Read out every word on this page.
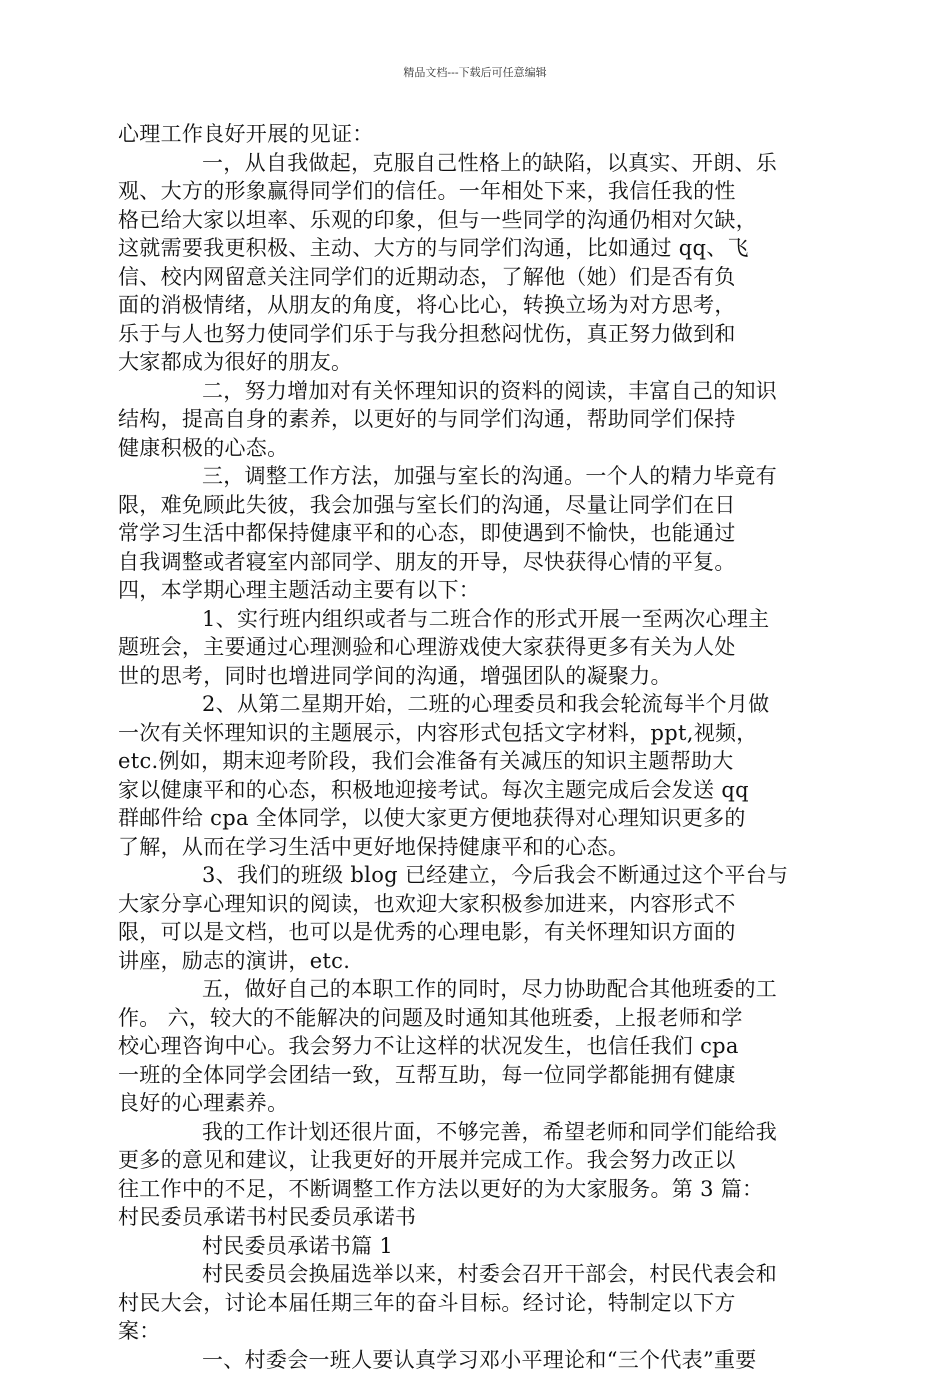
精品文档---下载后可任意编辑
心理工作良好开展的见证：
一，从自我做起，克服自己性格上的缺陷，以真实、开朗、乐
观、大方的形象赢得同学们的信任。一年相处下来，我信任我的性
格已给大家以坦率、乐观的印象，但与一些同学的沟通仍相对欠缺，
这就需要我更积极、主动、大方的与同学们沟通，比如通过 qq、飞
信、校内网留意关注同学们的近期动态，了解他（她）们是否有负
面的消极情绪，从朋友的角度，将心比心，转换立场为对方思考，
乐于与人也努力使同学们乐于与我分担愁闷忧伤，真正努力做到和
大家都成为很好的朋友。
二，努力增加对有关怀理知识的资料的阅读，丰富自己的知识
结构，提高自身的素养，以更好的与同学们沟通，帮助同学们保持
健康积极的心态。
三，调整工作方法，加强与室长的沟通。一个人的精力毕竟有
限，难免顾此失彼，我会加强与室长们的沟通，尽量让同学们在日
常学习生活中都保持健康平和的心态，即使遇到不愉快，也能通过
自我调整或者寝室内部同学、朋友的开导，尽快获得心情的平复。
四，本学期心理主题活动主要有以下：
1、实行班内组织或者与二班合作的形式开展一至两次心理主
题班会，主要通过心理测验和心理游戏使大家获得更多有关为人处
世的思考，同时也增进同学间的沟通，增强团队的凝聚力。
2、从第二星期开始，二班的心理委员和我会轮流每半个月做
一次有关怀理知识的主题展示，内容形式包括文字材料，ppt,视频，
etc.例如，期末迎考阶段，我们会准备有关减压的知识主题帮助大
家以健康平和的心态，积极地迎接考试。每次主题完成后会发送 qq
群邮件给 cpa 全体同学，以使大家更方便地获得对心理知识更多的
了解，从而在学习生活中更好地保持健康平和的心态。
3、我们的班级 blog 已经建立，今后我会不断通过这个平台与
大家分享心理知识的阅读，也欢迎大家积极参加进来，内容形式不
限，可以是文档，也可以是优秀的心理电影，有关怀理知识方面的
讲座，励志的演讲，etc.
五，做好自己的本职工作的同时，尽力协助配合其他班委的工
作。 六，较大的不能解决的问题及时通知其他班委，上报老师和学
校心理咨询中心。我会努力不让这样的状况发生，也信任我们 cpa
一班的全体同学会团结一致，互帮互助，每一位同学都能拥有健康
良好的心理素养。
我的工作计划还很片面，不够完善，希望老师和同学们能给我
更多的意见和建议，让我更好的开展并完成工作。我会努力改正以
往工作中的不足，不断调整工作方法以更好的为大家服务。第 3 篇：
村民委员承诺书村民委员承诺书
村民委员承诺书篇 1
村民委员会换届选举以来，村委会召开干部会，村民代表会和
村民大会，讨论本届任期三年的奋斗目标。经讨论，特制定以下方
案：
一、村委会一班人要认真学习邓小平理论和“三个代表”重要
